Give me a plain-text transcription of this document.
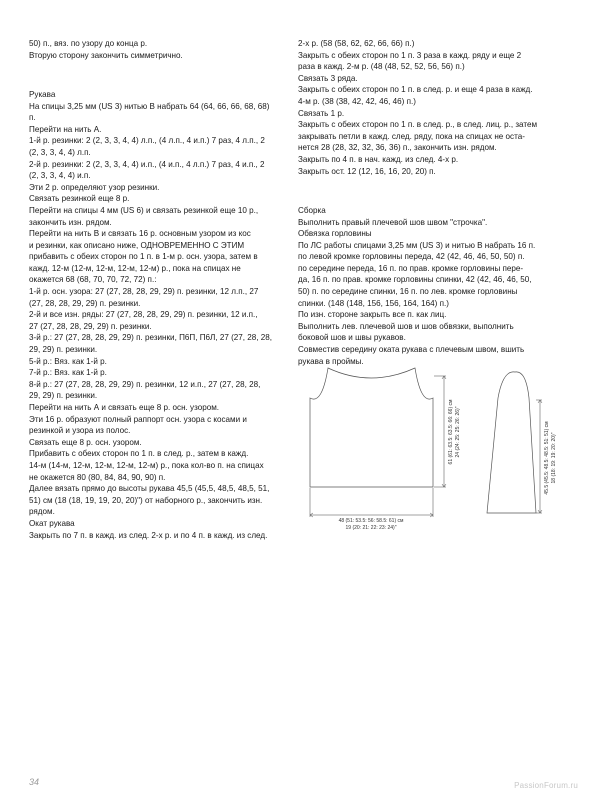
50) п., вяз. по узору до конца р.

Вторую сторону закончить симметрично.

Рукава

На спицы 3,25 мм (US 3) нитью В набрать 64 (64, 66, 66, 68, 68)

п.

Перейти на нить А.

1-й р. резинки: 2 (2, 3, 3, 4, 4) л.п., (4 л.п., 4 и.п.) 7 раз, 4 л.п., 2

(2, 3, 3, 4, 4) л.п.

2-й р. резинки: 2 (2, 3, 3, 4, 4) и.п., (4 и.п., 4 л.п.) 7 раз, 4 и.п., 2

(2, 3, 3, 4, 4) и.п.

Эти 2 р. определяют узор резинки.

Связать резинкой еще 8 р.

Перейти на спицы 4 мм (US 6) и связать резинкой еще 10 р.,

закончить изн. рядом.

Перейти на нить В и связать 16 р. основным узором из кос

и резинки, как описано ниже, ОДНОВРЕМЕННО С ЭТИМ

прибавить с обеих сторон по 1 п. в 1-м р. осн. узора, затем в

кажд. 12-м (12-м, 12-м, 12-м, 12-м) р., пока на спицах не

окажется 68 (68, 70, 70, 72, 72) п.:

1-й р. осн. узора: 27 (27, 28, 28, 29, 29) п. резинки, 12 л.п., 27

(27, 28, 28, 29, 29) п. резинки.

2-й и все изн. ряды: 27 (27, 28, 28, 29, 29) п. резинки, 12 и.п.,

27 (27, 28, 28, 29, 29) п. резинки.

3-й р.: 27 (27, 28, 28, 29, 29) п. резинки, П6П, П6Л, 27 (27, 28, 28,

29, 29) п. резинки.

5-й р.: Вяз. как 1-й р.

7-й р.: Вяз. как 1-й р.

8-й р.: 27 (27, 28, 28, 29, 29) п. резинки, 12 и.п., 27 (27, 28, 28,

29, 29) п. резинки.

Перейти на нить А и связать еще 8 р. осн. узором.

Эти 16 р. образуют полный раппорт осн. узора с косами и

резинкой и узора из полос.

Связать еще 8 р. осн. узором.

Прибавить с обеих сторон по 1 п. в след. р., затем в кажд.

14-м (14-м, 12-м, 12-м, 12-м, 12-м) р., пока кол-во п. на спицах

не окажется 80 (80, 84, 84, 90, 90) п.

Далее вязать прямо до высоты рукава 45,5 (45,5, 48,5, 48,5, 51,

51) см (18 (18, 19, 19, 20, 20)") от наборного р., закончить изн.

рядом.

Окат рукава

Закрыть по 7 п. в кажд. из след. 2-х р. и по 4 п. в кажд. из след.

2-х р. (58 (58, 62, 62, 66, 66) п.)

Закрыть с обеих сторон по 1 п. 3 раза в кажд. ряду и еще 2

раза в кажд. 2-м р. (48 (48, 52, 52, 56, 56) п.)

Связать 3 ряда.

Закрыть с обеих сторон по 1 п. в след. р. и еще 4 раза в кажд.

4-м р. (38 (38, 42, 42, 46, 46) п.)

Связать 1 р.

Закрыть с обеих сторон по 1 п. в след. р., в след. лиц. р., затем

закрывать петли в кажд. след. ряду, пока на спицах не оста-

нется 28 (28, 32, 32, 36, 36) п., закончить изн. рядом.

Закрыть по 4 п. в нач. кажд. из след. 4-х р.

Закрыть ост. 12 (12, 16, 16, 20, 20) п.

Сборка

Выполнить правый плечевой шов швом "строчка".

Обвязка горловины

По ЛС работы спицами 3,25 мм (US 3) и нитью В набрать 16 п.

по левой кромке горловины переда, 42 (42, 46, 46, 50, 50) п.

по середине переда, 16 п. по прав. кромке горловины пере-

да, 16 п. по прав. кромке горловины спинки, 42 (42, 46, 46, 50,

50) п. по середине спинки, 16 п. по лев. кромке горловины

спинки. (148 (148, 156, 156, 164, 164) п.)

По изн. стороне закрыть все п. как лиц.

Выполнить лев. плечевой шов и шов обвязки, выполнить

боковой шов и швы рукавов.

Совместив середину оката рукава с плечевым швом, вшить

рукава в проймы.

48 (51: 53.5: 56: 58.5: 61) см
19 (20: 21: 22: 23: 24)"
61 (61: 63.5: 63.5: 66: 66) см 24 (24: 25: 25: 26: 26)"	45.5 (45.5: 48.5: 48.5: 51: 51) см 18 (18: 19: 19: 20: 20)"
34	PassionForum.ru
